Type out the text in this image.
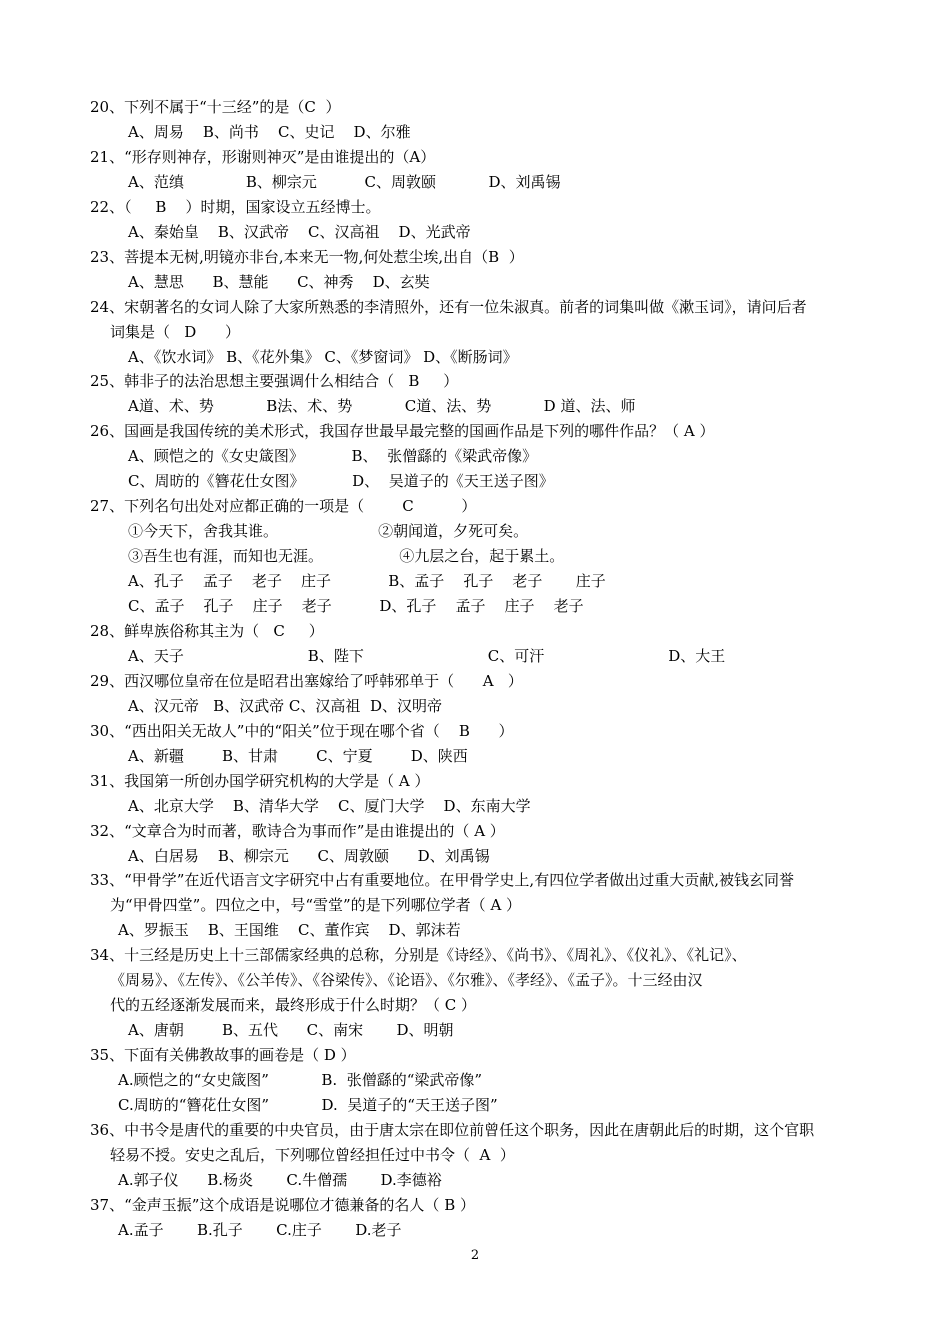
20、下列不属于“十三经”的是（C  ）
A、周易    B、尚书    C、史记    D、尔雅
21、“形存则神存，形谢则神灭”是由谁提出的（A）
A、范缜             B、柳宗元          C、周敦颐           D、刘禹锡
22、（     B    ）时期，国家设立五经博士。
A、秦始皇    B、汉武帝    C、汉高祖    D、光武帝
23、菩提本无树,明镜亦非台,本来无一物,何处惹尘埃,出自（B  ）
A、慧思      B、慧能      C、神秀    D、玄奘
24、宋朝著名的女词人除了大家所熟悉的李清照外，还有一位朱淑真。前者的词集叫做《漱玉词》，请问后者
词集是（   D      ）
A、《饮水词》 B、《花外集》 C、《梦窗词》 D、《断肠词》
25、韩非子的法治思想主要强调什么相结合（   B     ）
A道、术、势           B法、术、势           C道、法、势           D 道、法、师
26、国画是我国传统的美术形式，我国存世最早最完整的国画作品是下列的哪件作品？（ A ）
A、顾恺之的《女史箴图》          B、  张僧繇的《梁武帝像》
C、周昉的《簪花仕女图》          D、  吴道子的《天王送子图》
27、下列名句出处对应都正确的一项是（        C          ）
①今天下，舍我其谁。                     ②朝闻道，夕死可矣。
③吾生也有涯，而知也无涯。                ④九层之台，起于累土。
A、孔子    孟子    老子    庄子            B、孟子    孔子    老子       庄子
C、孟子    孔子    庄子    老子          D、孔子    孟子    庄子    老子
28、鲜卑族俗称其主为（   C     ）
A、天子                          B、陛下                          C、可汗                          D、大王
29、西汉哪位皇帝在位是昭君出塞嫁给了呼韩邪单于（      A   ）
A、汉元帝   B、汉武帝 C、汉高祖  D、汉明帝
30、“西出阳关无故人”中的“阳关”位于现在哪个省（    B      ）
A、新疆        B、甘肃        C、宁夏        D、陕西
31、我国第一所创办国学研究机构的大学是（ A ）
A、北京大学    B、清华大学    C、厦门大学    D、东南大学
32、“文章合为时而著，歌诗合为事而作”是由谁提出的（ A ）
A、白居易    B、柳宗元      C、周敦颐      D、刘禹锡
33、“甲骨学”在近代语言文字研究中占有重要地位。在甲骨学史上,有四位学者做出过重大贡献,被钱玄同誉
为“甲骨四堂”。四位之中，号“雪堂”的是下列哪位学者（ A ）
A、罗振玉    B、王国维    C、董作宾    D、郭沫若
34、十三经是历史上十三部儒家经典的总称，分别是《诗经》、《尚书》、《周礼》、《仪礼》、《礼记》、
《周易》、《左传》、《公羊传》、《谷梁传》、《论语》、《尔雅》、《孝经》、《孟子》。十三经由汉
代的五经逐渐发展而来，最终形成于什么时期？（ C ）
A、唐朝        B、五代      C、南宋       D、明朝
35、下面有关佛教故事的画卷是（ D ）
A.顾恺之的“女史箴图”           B.  张僧繇的“梁武帝像”
C.周昉的“簪花仕女图”           D.  吴道子的“天王送子图”
36、中书令是唐代的重要的中央官员，由于唐太宗在即位前曾任这个职务，因此在唐朝此后的时期，这个官职
轻易不授。安史之乱后，下列哪位曾经担任过中书令（  A  ）
A.郭子仪      B.杨炎       C.牛僧孺       D.李德裕
37、“金声玉振”这个成语是说哪位才德兼备的名人（ B ）
A.孟子       B.孔子       C.庄子       D.老子
2
